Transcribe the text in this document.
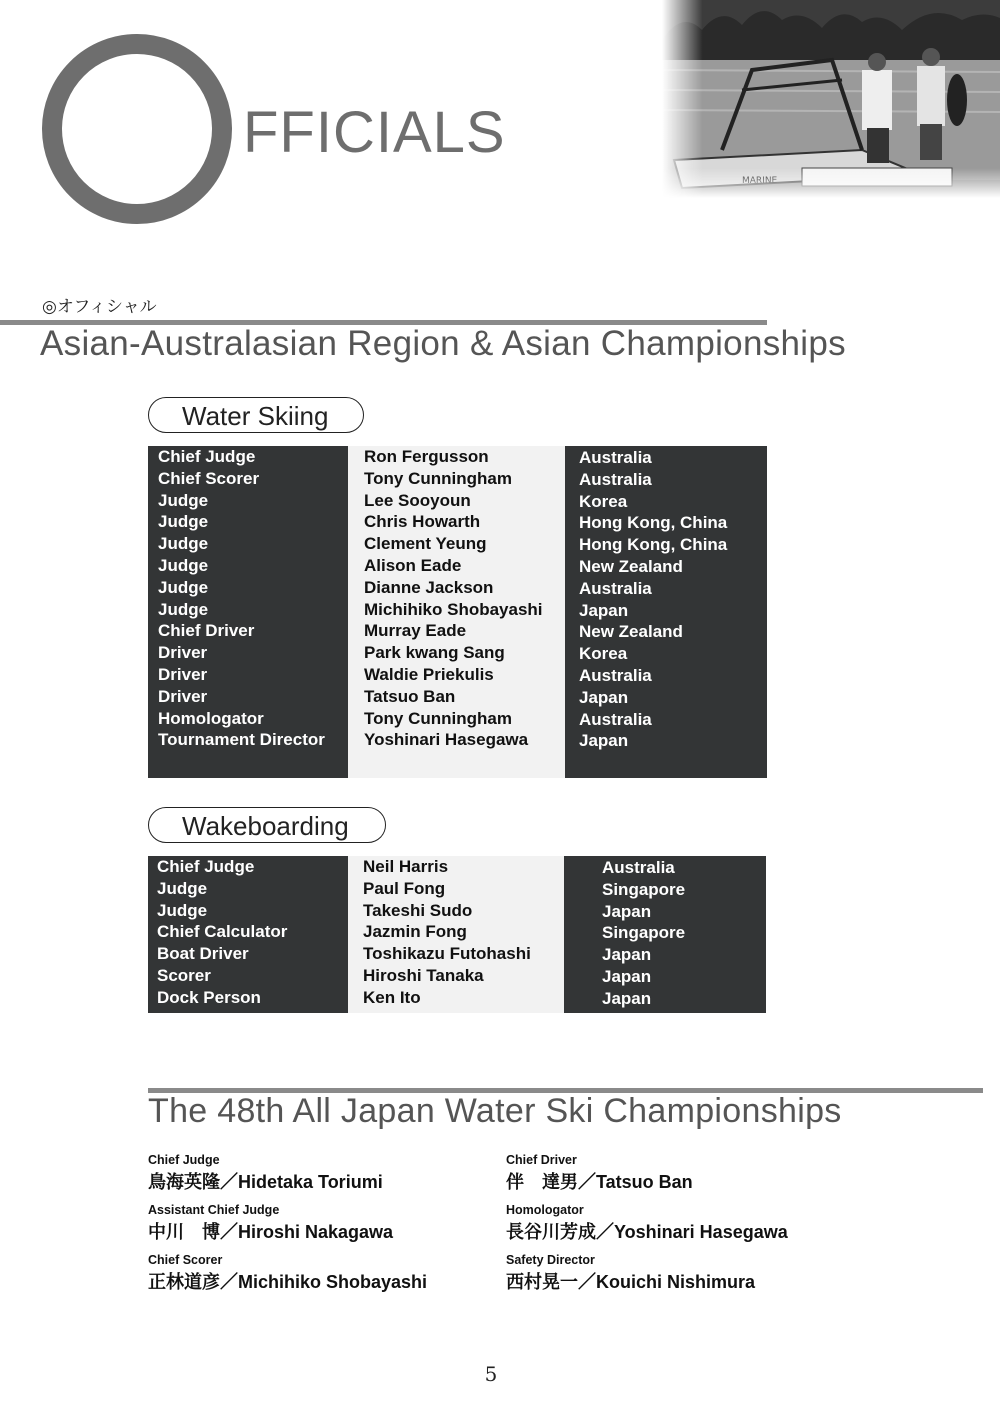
FFICIALS
◎オフィシャル
Asian-Australasian Region & Asian Championships
Water Skiing
Chief Judge
Chief Scorer
Judge
Judge
Judge
Judge
Judge
Judge
Chief Driver
Driver
Driver
Driver
Homologator
Tournament Director
Ron Fergusson
Tony Cunningham
Lee Sooyoun
Chris Howarth
Clement Yeung
Alison Eade
Dianne Jackson
Michihiko Shobayashi
Murray Eade
Park kwang Sang
Waldie Priekulis
Tatsuo Ban
Tony Cunningham
Yoshinari Hasegawa
Australia
Australia
Korea
Hong Kong, China
Hong Kong, China
New Zealand
Australia
Japan
New Zealand
Korea
Australia
Japan
Australia
Japan
Wakeboarding
Chief Judge
Judge
Judge
Chief Calculator
Boat Driver
Scorer
Dock Person
Neil Harris
Paul Fong
Takeshi Sudo
Jazmin Fong
Toshikazu Futohashi
Hiroshi Tanaka
Ken Ito
Australia
Singapore
Japan
Singapore
Japan
Japan
Japan
The 48th All Japan Water Ski Championships
Chief Judge
鳥海英隆／Hidetaka Toriumi
Assistant Chief Judge
中川　博／Hiroshi Nakagawa
Chief Scorer
正林道彦／Michihiko Shobayashi
Chief Driver
伴　達男／Tatsuo Ban
Homologator
長谷川芳成／Yoshinari Hasegawa
Safety Director
西村晃一／Kouichi Nishimura
5
